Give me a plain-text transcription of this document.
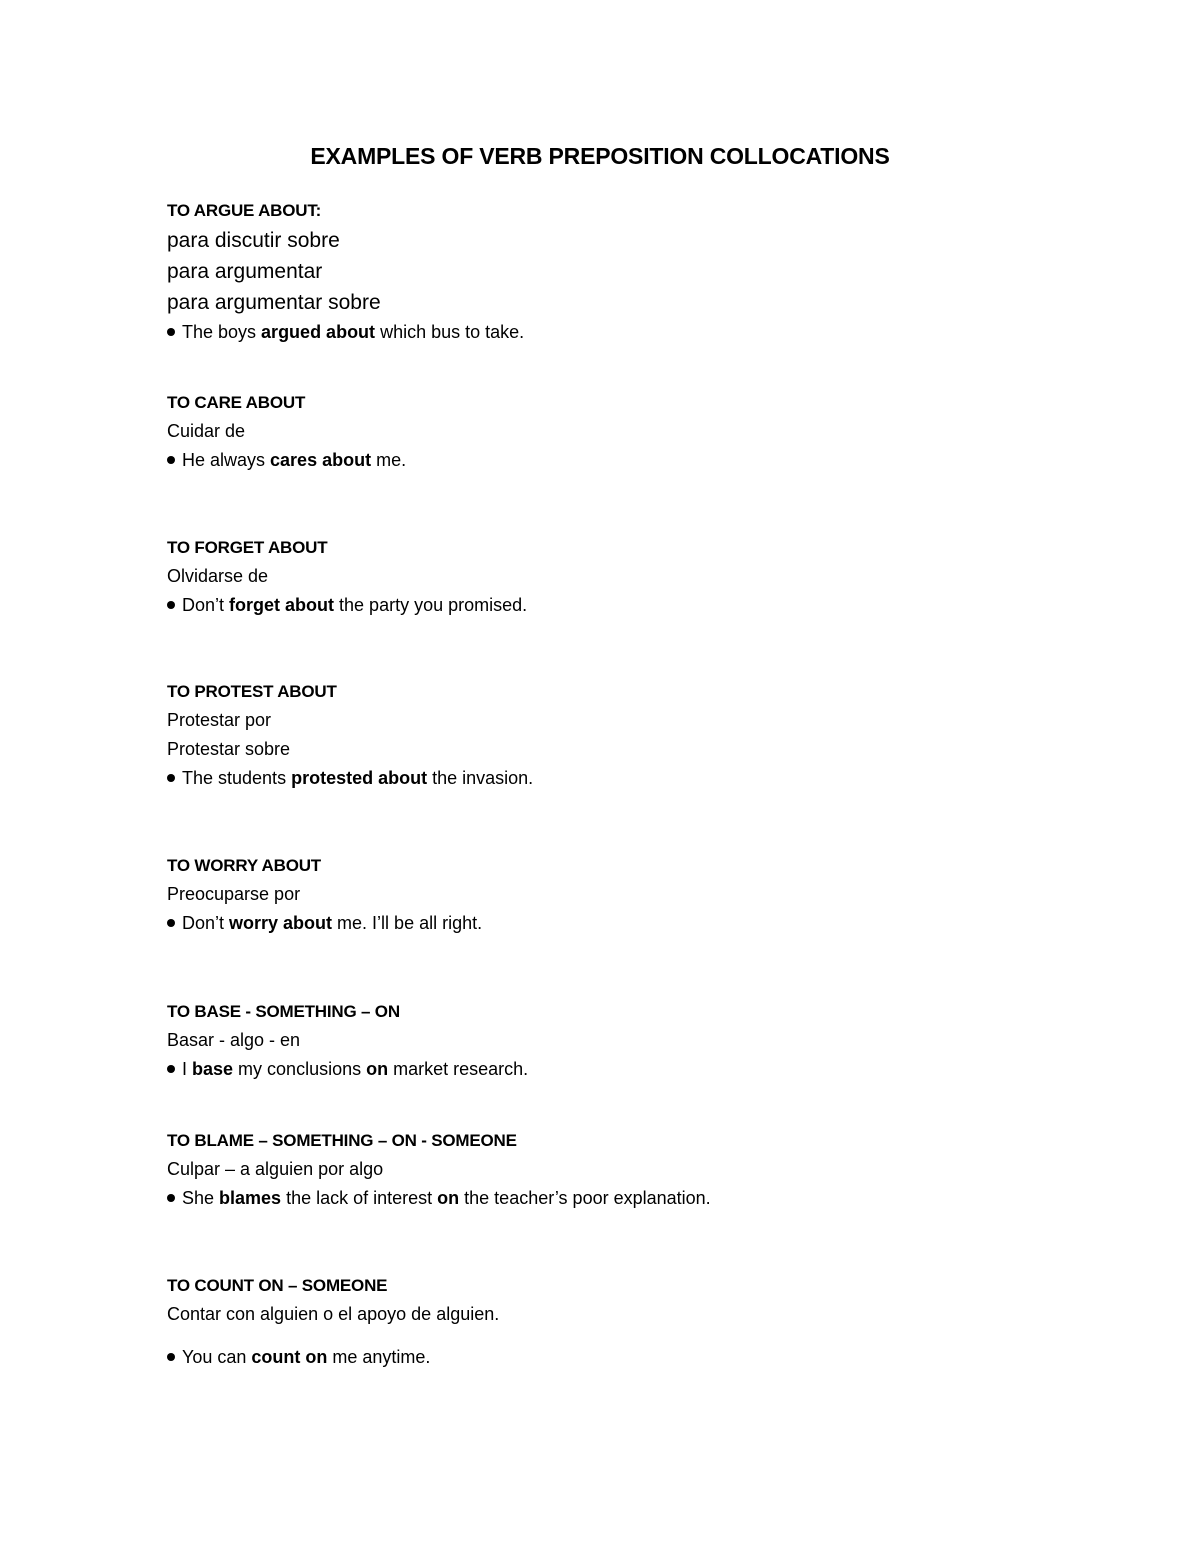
EXAMPLES OF VERB PREPOSITION COLLOCATIONS
TO ARGUE ABOUT:
para discutir sobre
para argumentar
para argumentar sobre
The boys argued about which bus to take.
TO CARE ABOUT
Cuidar de
He always cares about me.
TO FORGET ABOUT
Olvidarse de
Don’t forget about the party you promised.
TO PROTEST ABOUT
Protestar por
Protestar sobre
The students protested about the invasion.
TO WORRY ABOUT
Preocuparse por
Don’t worry about me. I’ll be all right.
TO BASE - SOMETHING – ON
Basar - algo - en
I base my conclusions on market research.
TO BLAME – SOMETHING – ON - SOMEONE
Culpar – a alguien por algo
She blames the lack of interest on the teacher’s poor explanation.
TO COUNT ON – SOMEONE
Contar con alguien o el apoyo de alguien.
You can count on me anytime.
